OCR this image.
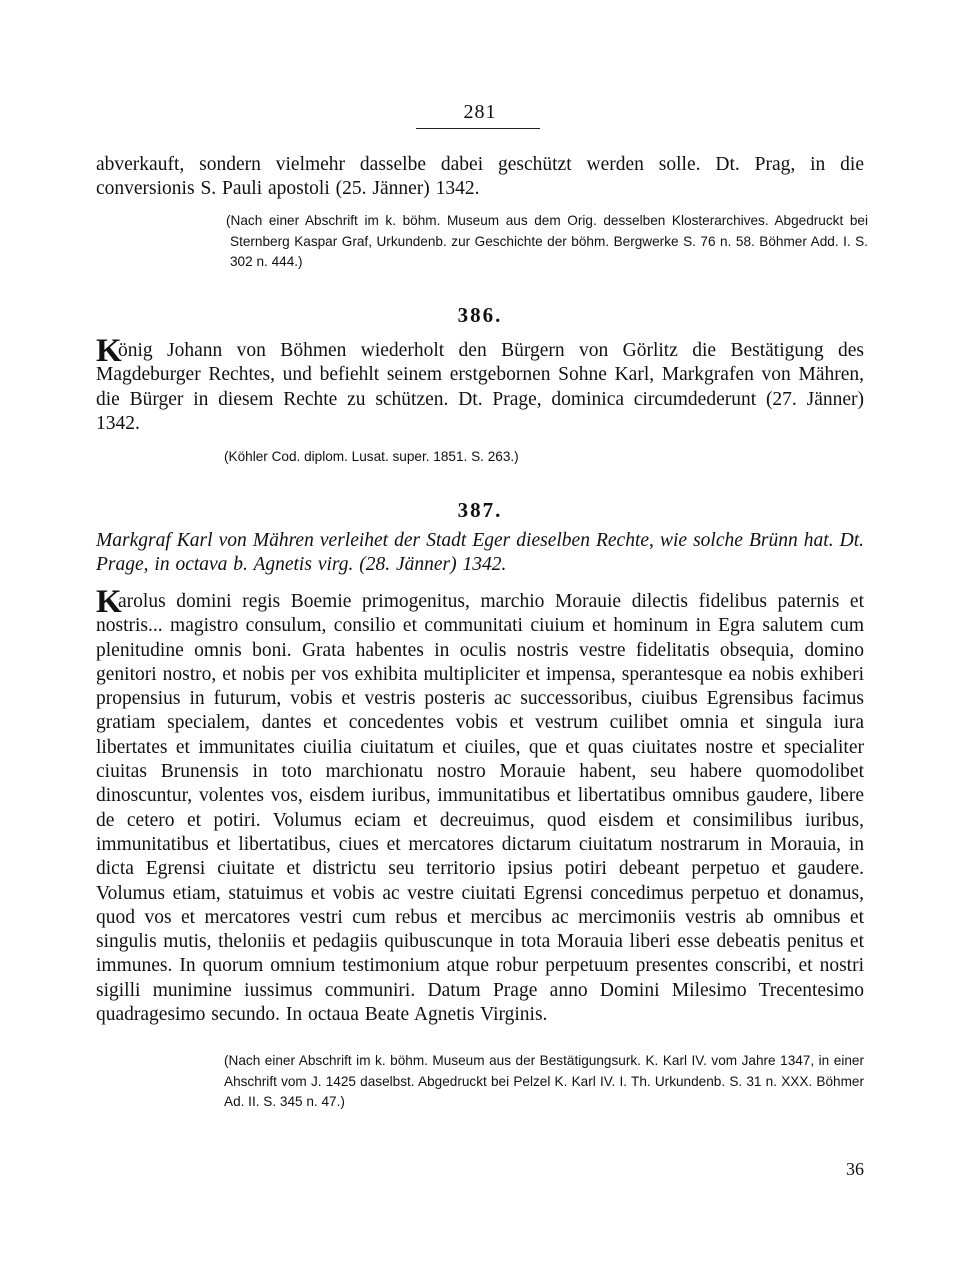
281

abverkauft, sondern vielmehr dasselbe dabei geschützt werden solle. Dt. Prag, in die conversionis S. Pauli apostoli (25. Jänner) 1342.

(Nach einer Abschrift im k. böhm. Museum aus dem Orig. desselben Klosterarchives. Abgedruckt bei Sternberg Kaspar Graf, Urkundenb. zur Geschichte der böhm. Bergwerke S. 76 n. 58. Böhmer Add. I. S. 302 n. 444.)

386.
K

önig Johann von Böhmen wiederholt den Bürgern von Görlitz die Bestätigung des Magdeburger Rechtes, und befiehlt seinem erstgebornen Sohne Karl, Markgrafen von Mähren, die Bürger in diesem Rechte zu schützen. Dt. Prage, dominica circumdederunt (27. Jänner) 1342.

(Köhler Cod. diplom. Lusat. super. 1851. S. 263.)

387.

Markgraf Karl von Mähren verleihet der Stadt Eger dieselben Rechte, wie solche Brünn hat. Dt. Prage, in octava b. Agnetis virg. (28. Jänner) 1342.

K

arolus domini regis Boemie primogenitus, marchio Morauie dilectis fidelibus paternis et nostris... magistro consulum, consilio et communitati ciuium et hominum in Egra salutem cum plenitudine omnis boni. Grata habentes in oculis nostris vestre fidelitatis obsequia, domino genitori nostro, et nobis per vos exhibita multipliciter et impensa, sperantesque ea nobis exhiberi propensius in futurum, vobis et vestris posteris ac successoribus, ciuibus Egrensibus facimus gratiam specialem, dantes et concedentes vobis et vestrum cuilibet omnia et singula iura libertates et immunitates ciuilia ciuitatum et ciuiles, que et quas ciuitates nostre et specialiter ciuitas Brunensis in toto marchionatu nostro Morauie habent, seu habere quomodolibet dinoscuntur, volentes vos, eisdem iuribus, immunitatibus et libertatibus omnibus gaudere, libere de cetero et potiri. Volumus eciam et decreuimus, quod eisdem et consimilibus iuribus, immunitatibus et libertatibus, ciues et mercatores dictarum ciuitatum nostrarum in Morauia, in dicta Egrensi ciuitate et districtu seu territorio ipsius potiri debeant perpetuo et gaudere. Volumus etiam, statuimus et vobis ac vestre ciuitati Egrensi concedimus perpetuo et donamus, quod vos et mercatores vestri cum rebus et mercibus ac mercimoniis vestris ab omnibus et singulis mutis, theloniis et pedagiis quibuscunque in tota Morauia liberi esse debeatis penitus et immunes. In quorum omnium testimonium atque robur perpetuum presentes conscribi, et nostri sigilli munimine iussimus communiri. Datum Prage anno Domini Milesimo Trecentesimo quadragesimo secundo. In octaua Beate Agnetis Virginis.

(Nach einer Abschrift im k. böhm. Museum aus der Bestätigungsurk. K. Karl IV. vom Jahre 1347, in einer Ahschrift vom J. 1425 daselbst. Abgedruckt bei Pelzel K. Karl IV. I. Th. Urkundenb. S. 31 n. XXX. Böhmer Ad. II. S. 345 n. 47.)

36
